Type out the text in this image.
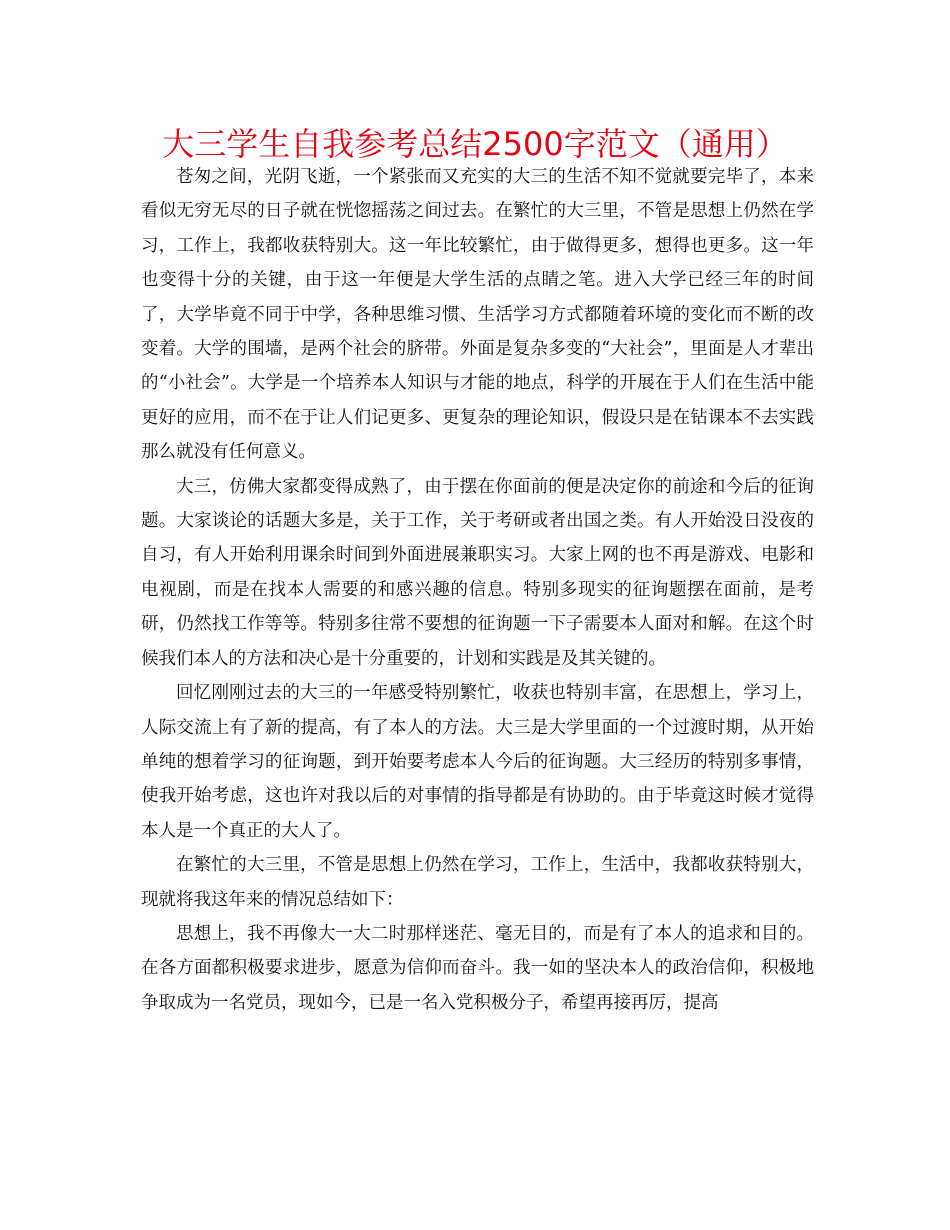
大三学生自我参考总结2500字范文（通用）

苍匆之间，光阴飞逝，一个紧张而又充实的大三的生活不知不觉就要完毕了，本来看似无穷无尽的日子就在恍惚摇荡之间过去。在繁忙的大三里，不管是思想上仍然在学习，工作上，我都收获特别大。这一年比较繁忙，由于做得更多，想得也更多。这一年也变得十分的关键，由于这一年便是大学生活的点睛之笔。进入大学已经三年的时间了，大学毕竟不同于中学，各种思维习惯、生活学习方式都随着环境的变化而不断的改变着。大学的围墙，是两个社会的脐带。外面是复杂多变的“大社会”，里面是人才辈出的“小社会”。大学是一个培养本人知识与才能的地点，科学的开展在于人们在生活中能更好的应用，而不在于让人们记更多、更复杂的理论知识，假设只是在钻课本不去实践那么就没有任何意义。

大三，仿佛大家都变得成熟了，由于摆在你面前的便是决定你的前途和今后的征询题。大家谈论的话题大多是，关于工作，关于考研或者出国之类。有人开始没日没夜的自习，有人开始利用课余时间到外面进展兼职实习。大家上网的也不再是游戏、电影和电视剧，而是在找本人需要的和感兴趣的信息。特别多现实的征询题摆在面前，是考研，仍然找工作等等。特别多往常不要想的征询题一下子需要本人面对和解。在这个时候我们本人的方法和决心是十分重要的，计划和实践是及其关键的。

回忆刚刚过去的大三的一年感受特别繁忙，收获也特别丰富，在思想上，学习上，人际交流上有了新的提高，有了本人的方法。大三是大学里面的一个过渡时期，从开始单纯的想着学习的征询题，到开始要考虑本人今后的征询题。大三经历的特别多事情，使我开始考虑，这也许对我以后的对事情的指导都是有协助的。由于毕竟这时候才觉得本人是一个真正的大人了。

在繁忙的大三里，不管是思想上仍然在学习，工作上，生活中，我都收获特别大，现就将我这年来的情况总结如下：

思想上，我不再像大一大二时那样迷茫、毫无目的，而是有了本人的追求和目的。在各方面都积极要求进步，愿意为信仰而奋斗。我一如的坚决本人的政治信仰，积极地争取成为一名党员，现如今，已是一名入党积极分子，希望再接再厉，提高
